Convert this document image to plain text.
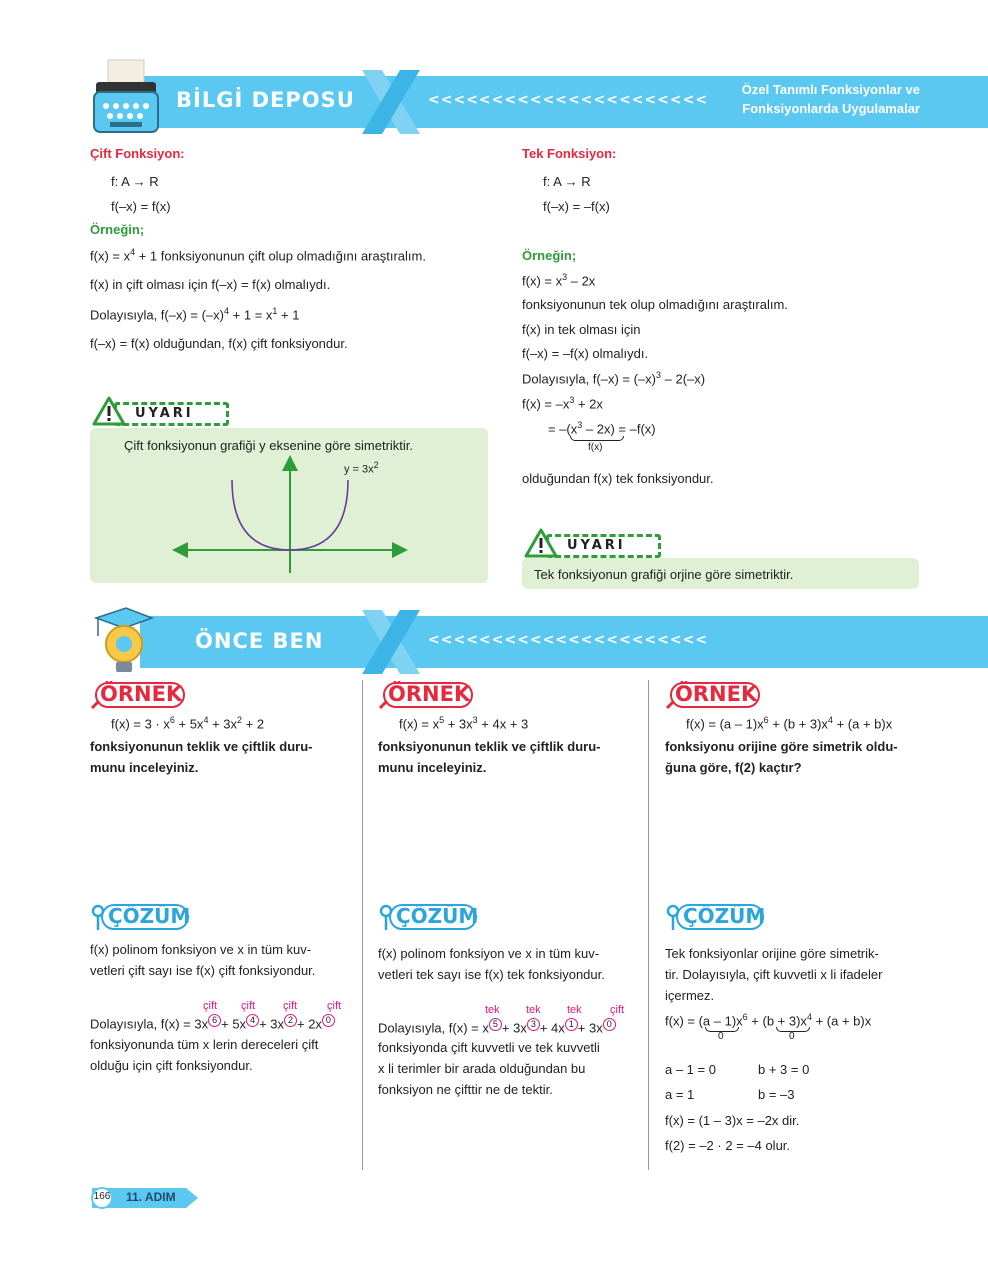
BİLGİ DEPOSU	<<<<<<<<<<<<<<<<<<<<<<
Özel Tanımlı Fonksiyonlar ve
Fonksiyonlarda Uygulamalar
Çift Fonksiyon:
f: A → R
f(–x) = f(x)
Örneğin;
$f(x) = x^4 + 1$ fonksiyonunun çift olup olmadığını araştıralım.
f(x) in çift olması için f(–x) = f(x) olmalıydı.
Dolayısıyla, $f(-x) = (-x)^4 + 1 = x^1 + 1$
f(–x) = f(x) olduğundan, f(x) çift fonksiyondur.
UYARI
Çift fonksiyonun grafiği y eksenine göre simetriktir.
$y = 3x^2$
Tek Fonksiyon:
f: A → R
f(–x) = –f(x)
Örneğin;
$f(x) = x^3 - 2x$
fonksiyonunun tek olup olmadığını araştıralım.
f(x) in tek olması için
f(–x) = –f(x) olmalıydı.
Dolayısıyla, $f(-x) = (-x)^3 - 2(-x)$
$f(x) = -x^3 + 2x$
= $-(x^3 - 2x) = -f(x)$
f(x)
olduğundan f(x) tek fonksiyondur.
UYARI
Tek fonksiyonun grafiği orjine göre simetriktir.
ÖNCE BEN	<<<<<<<<<<<<<<<<<<<<<<
ÖRNEK
$f(x) = 3 \cdot x^6 + 5x^4 + 3x^2 + 2$
fonksiyonunun teklik ve çiftlik duru-
munu inceleyiniz.
ÇÖZÜM
f(x) polinom fonksiyon ve x in tüm kuv-
vetleri çift sayı ise f(x) çift fonksiyondur.
çift çift	çift	çift
Dolayısıyla, f(x) = 3x 6 + 5x 4 + 3x 2 + 2x 0
fonksiyonunda tüm x lerin dereceleri çift
olduğu için çift fonksiyondur.
ÖRNEK
$f(x) = x^5 + 3x^3 + 4x + 3$
fonksiyonunun teklik ve çiftlik duru-
munu inceleyiniz.
ÇÖZÜM
f(x) polinom fonksiyon ve x in tüm kuv-
vetleri tek sayı ise f(x) tek fonksiyondur.
tek tek tek	çift
Dolayısıyla, f(x) = x 5 + 3x 3 + 4x 1 + 3x 0
fonksiyonda çift kuvvetli ve tek kuvvetli
x li terimler bir arada olduğundan bu
fonksiyon ne çifttir ne de tektir.
ÖRNEK
$f(x) = (a - 1)x^6 + (b + 3)x^4 + (a + b)x$
fonksiyonu orijine göre simetrik oldu-
ğuna göre, f(2) kaçtır?
ÇÖZÜM
Tek fonksiyonlar orijine göre simetrik-
tir. Dolayısıyla, çift kuvvetli x li ifadeler
içermez.
$f(x) = (a - 1)x^6 + (b + 3)x^4 + (a + b)x$
0	0
a – 1 = 0	b + 3 = 0
a = 1	b = –3
f(x) = (1 – 3)x = –2x dir.
f(2) = –2 · 2 = –4 olur.
166 11. ADIM
